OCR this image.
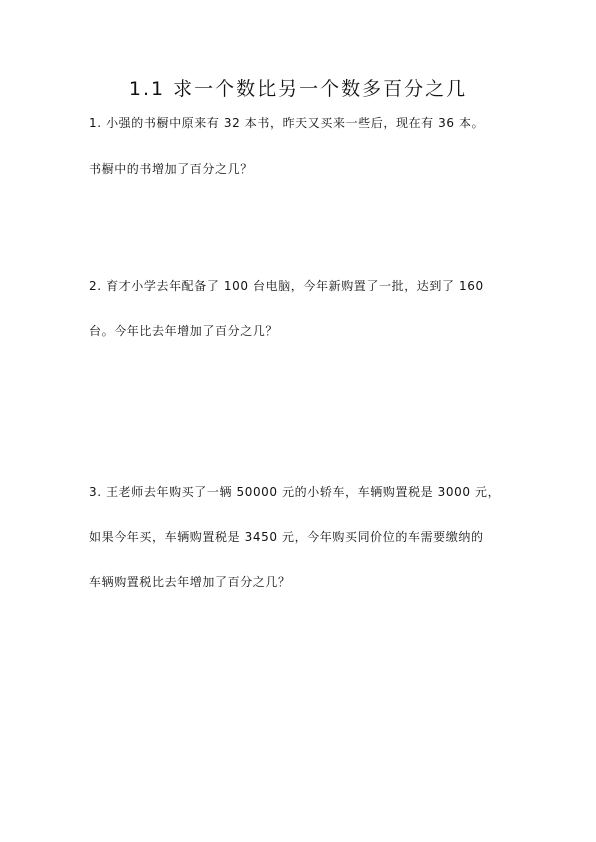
1.1 求一个数比另一个数多百分之几

1. 小强的书橱中原来有 32 本书，昨天又买来一些后，现在有 36 本。

书橱中的书增加了百分之几？

2. 育才小学去年配备了 100 台电脑，今年新购置了一批，达到了 160

台。今年比去年增加了百分之几？

3. 王老师去年购买了一辆 50000 元的小轿车，车辆购置税是 3000 元，

如果今年买，车辆购置税是 3450 元，今年购买同价位的车需要缴纳的

车辆购置税比去年增加了百分之几？
